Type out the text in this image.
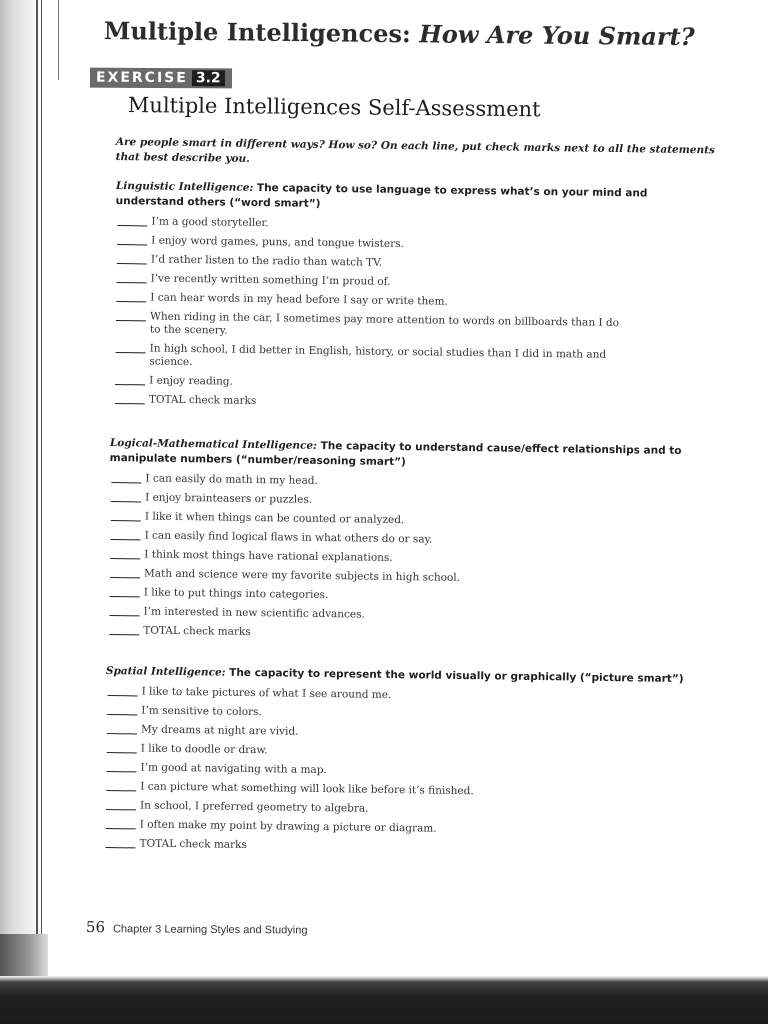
Multiple Intelligences: How Are You Smart?
EXERCISE 3.2
Multiple Intelligences Self-Assessment
Are people smart in different ways? How so? On each line, put check marks next to all the statements that best describe you.
Linguistic Intelligence: The capacity to use language to express what’s on your mind and understand others (“word smart”)
I’m a good storyteller.
I enjoy word games, puns, and tongue twisters.
I’d rather listen to the radio than watch TV.
I’ve recently written something I’m proud of.
I can hear words in my head before I say or write them.
When riding in the car, I sometimes pay more attention to words on billboards than I do to the scenery.
In high school, I did better in English, history, or social studies than I did in math and science.
I enjoy reading.
TOTAL check marks
Logical-Mathematical Intelligence: The capacity to understand cause/effect relationships and to manipulate numbers (“number/reasoning smart”)
I can easily do math in my head.
I enjoy brainteasers or puzzles.
I like it when things can be counted or analyzed.
I can easily find logical flaws in what others do or say.
I think most things have rational explanations.
Math and science were my favorite subjects in high school.
I like to put things into categories.
I’m interested in new scientific advances.
TOTAL check marks
Spatial Intelligence: The capacity to represent the world visually or graphically (“picture smart”)
I like to take pictures of what I see around me.
I’m sensitive to colors.
My dreams at night are vivid.
I like to doodle or draw.
I’m good at navigating with a map.
I can picture what something will look like before it’s finished.
In school, I preferred geometry to algebra.
I often make my point by drawing a picture or diagram.
TOTAL check marks
56 Chapter 3 Learning Styles and Studying
